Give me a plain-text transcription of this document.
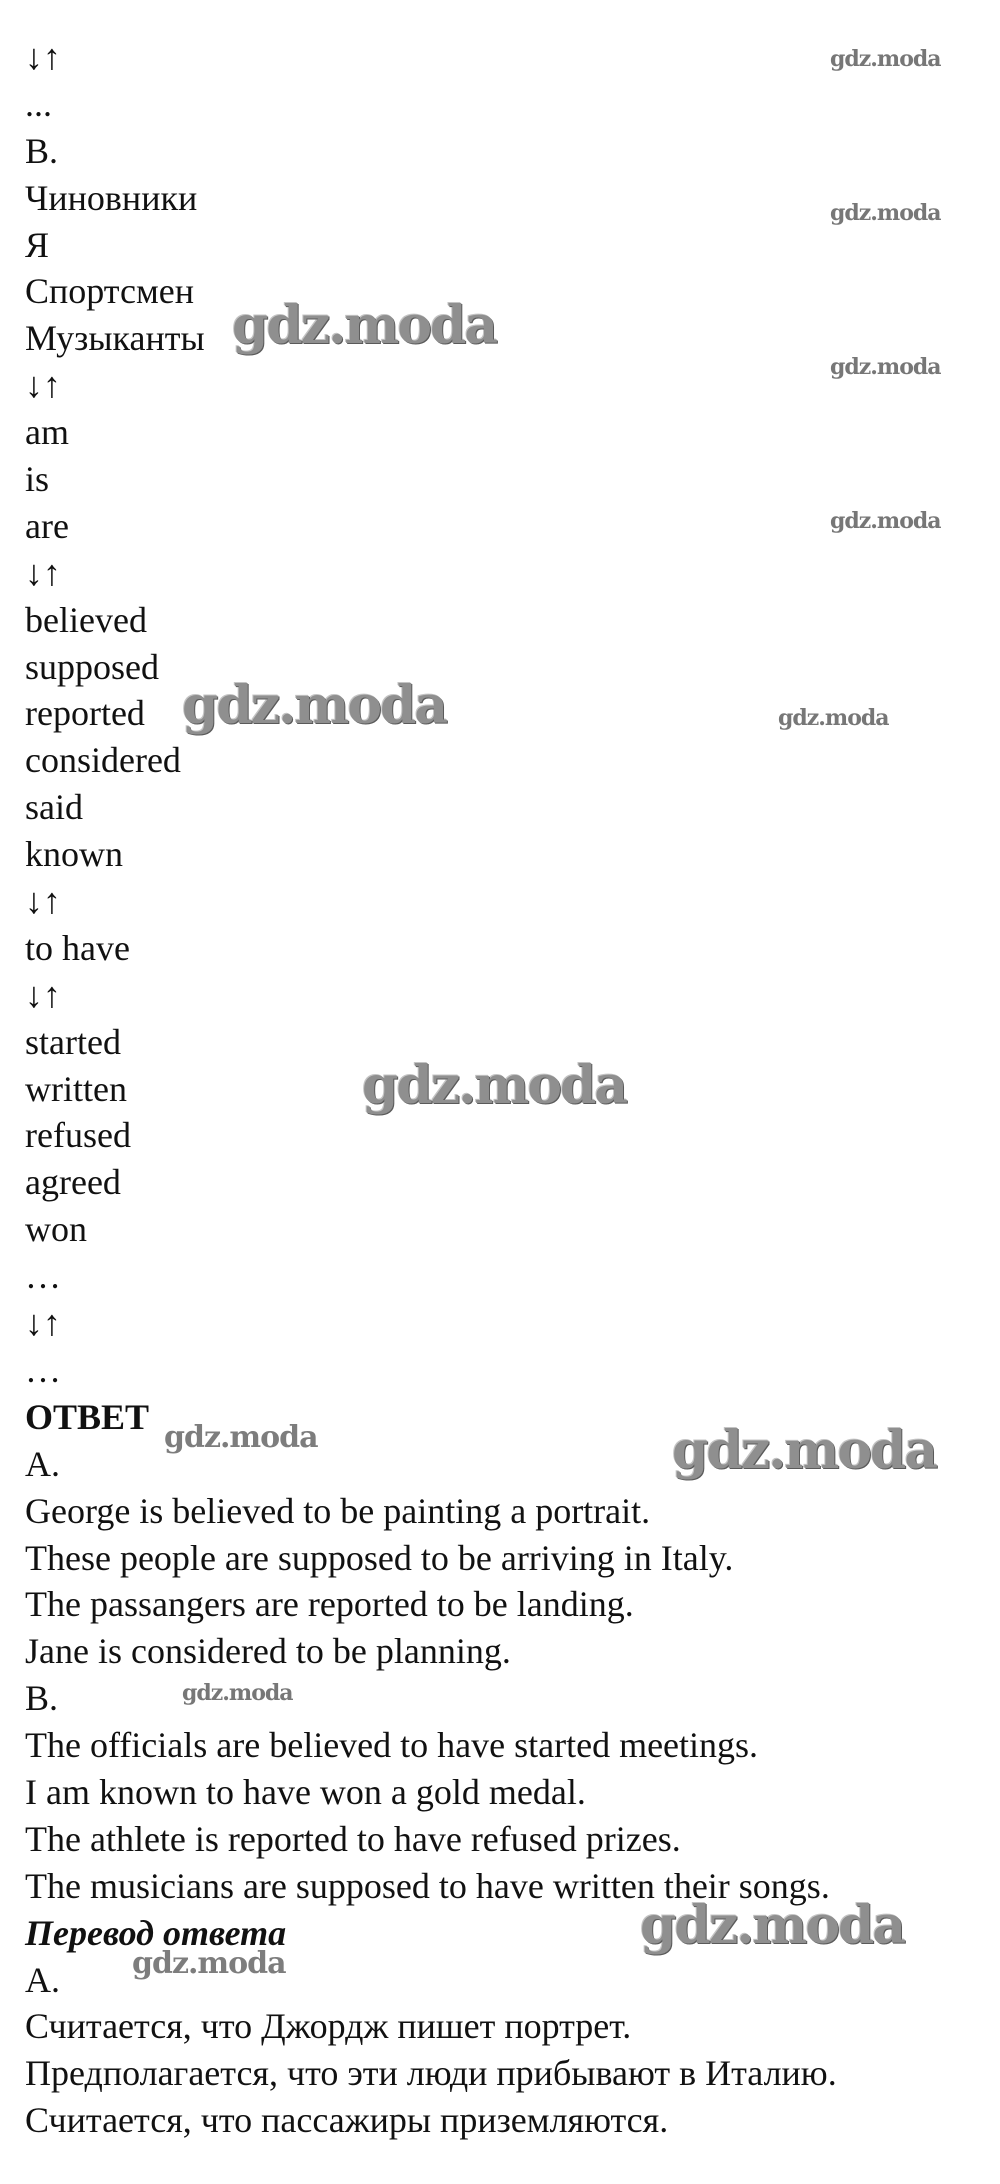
↓↑
...
B.
Чиновники
Я
Спортсмен
Музыканты
↓↑
am
is
are
↓↑
believed
supposed
reported
considered
said
known
↓↑
to have
↓↑
started
written
refused
agreed
won
…
↓↑
…
ОТВЕТ
A.
George is believed to be painting a portrait.
These people are supposed to be arriving in Italy.
The passangers are reported to be landing.
Jane is considered to be planning.
B.
The officials are believed to have started meetings.
I am known to have won a gold medal.
The athlete is reported to have refused prizes.
The musicians are supposed to have written their songs.
Перевод ответа
A.
Считается, что Джордж пишет портрет.
Предполагается, что эти люди прибывают в Италию.
Считается, что пассажиры приземляются.
gdz.moda
gdz.moda
gdz.moda
gdz.moda
gdz.moda
gdz.moda	gdz.moda
gdz.moda
gdz.moda	gdz.moda
gdz.moda
gdz.moda
gdz.moda
